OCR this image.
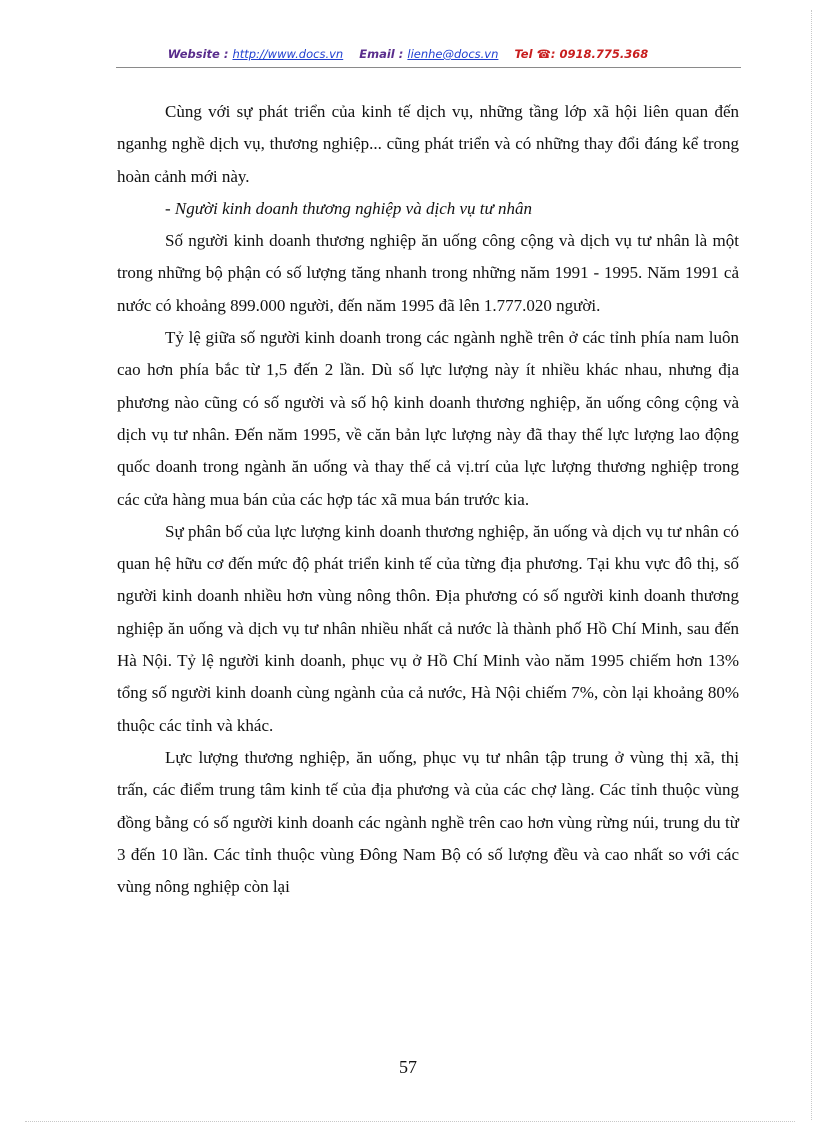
Website : http://www.docs.vn Email : lienhe@docs.vn Tel ☎: 0918.775.368

Cùng với sự phát triển của kinh tế dịch vụ, những tầng lớp xã hội liên quan đến nganhg nghề dịch vụ, thương nghiệp... cũng phát triển và có những thay đổi đáng kể trong hoàn cảnh mới này.

- Người kinh doanh thương nghiệp và dịch vụ tư nhân

Số người kinh doanh thương nghiệp ăn uống công cộng và dịch vụ tư nhân là một trong những bộ phận có số lượng tăng nhanh trong những năm 1991 - 1995. Năm 1991 cả nước có khoảng 899.000 người, đến năm 1995 đã lên 1.777.020 người.

Tỷ lệ giữa số người kinh doanh trong các ngành nghề trên ở các tỉnh phía nam luôn cao hơn phía bắc từ 1,5 đến 2 lần. Dù số lực lượng này ít nhiều khác nhau, nhưng địa phương nào cũng có số người và số hộ kinh doanh thương nghiệp, ăn uống công cộng và dịch vụ tư nhân. Đến năm 1995, về căn bản lực lượng này đã thay thế lực lượng lao động quốc doanh trong ngành ăn uống và thay thế cả vị.trí của lực lượng thương nghiệp trong các cửa hàng mua bán của các hợp tác xã mua bán trước kia.

Sự phân bố của lực lượng kinh doanh thương nghiệp, ăn uống và dịch vụ tư nhân có quan hệ hữu cơ đến mức độ phát triển kinh tế của từng địa phương. Tại khu vực đô thị, số người kinh doanh nhiều hơn vùng nông thôn. Địa phương có số người kinh doanh thương nghiệp ăn uống và dịch vụ tư nhân nhiều nhất cả nước là thành phố Hồ Chí Minh, sau đến Hà Nội. Tỷ lệ người kinh doanh, phục vụ ở Hồ Chí Minh vào năm 1995 chiếm hơn 13% tổng số người kinh doanh cùng ngành của cả nước, Hà Nội chiếm 7%, còn lại khoảng 80% thuộc các tỉnh và khác.

Lực lượng thương nghiệp, ăn uống, phục vụ tư nhân tập trung ở vùng thị xã, thị trấn, các điểm trung tâm kinh tế của địa phương và của các chợ làng. Các tỉnh thuộc vùng đồng bằng có số người kinh doanh các ngành nghề trên cao hơn vùng rừng núi, trung du từ 3 đến 10 lần. Các tỉnh thuộc vùng Đông Nam Bộ có số lượng đều và cao nhất so với các vùng nông nghiệp còn lại

57
